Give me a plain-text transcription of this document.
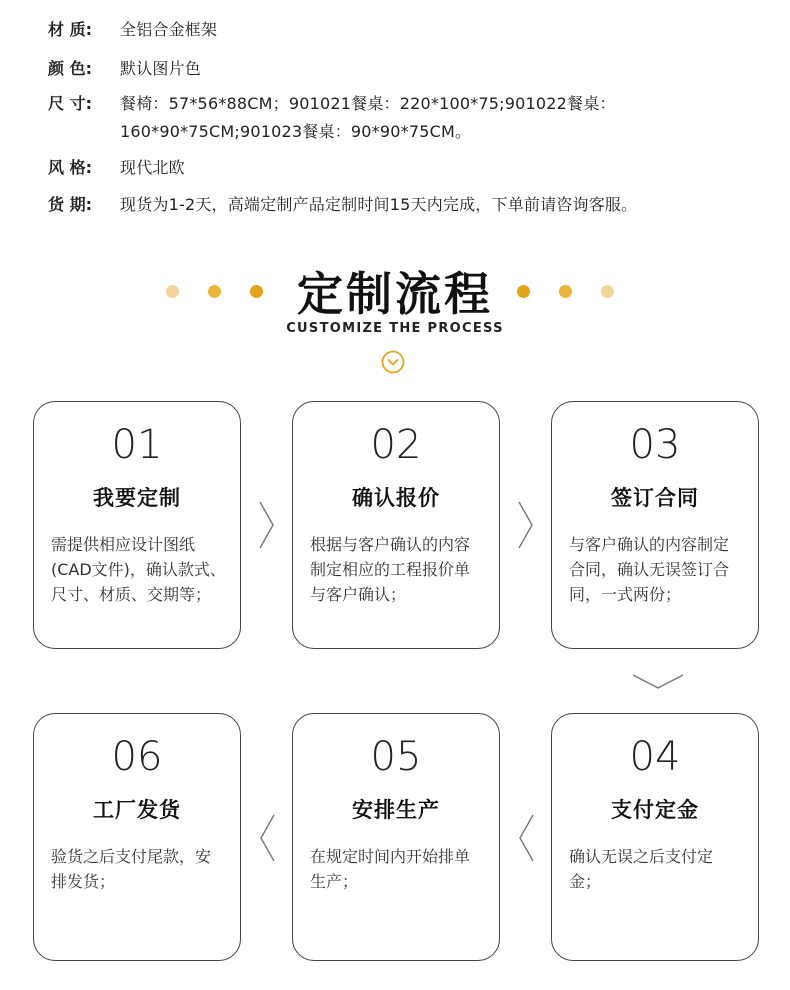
材 质:	全铝合金框架
颜 色:	默认图片色
尺 寸:	餐椅：57*56*88CM；901021餐桌：220*100*75;901022餐桌：160*90*75CM;901023餐桌：90*90*75CM。
风 格:	现代北欧
货 期:	现货为1-2天，高端定制产品定制时间15天内完成，下单前请咨询客服。
定制流程
CUSTOMIZE THE PROCESS
01
我要定制
需提供相应设计图纸(CAD文件)，确认款式、尺寸、材质、交期等；
02
确认报价
根据与客户确认的内容制定相应的工程报价单与客户确认；
03
签订合同
与客户确认的内容制定合同，确认无误签订合同，一式两份；
06
工厂发货
验货之后支付尾款，安排发货；
05
安排生产
在规定时间内开始排单生产；
04
支付定金
确认无误之后支付定金；
